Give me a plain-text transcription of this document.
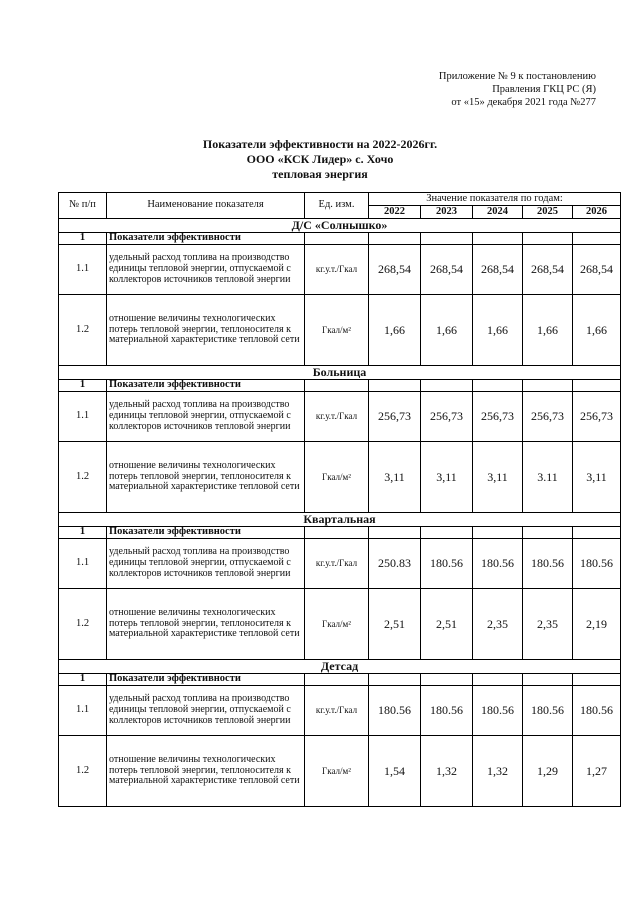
Приложение № 9 к постановлению
Правления ГКЦ РС (Я)
от «15» декабря 2021 года №277
Показатели эффективности на 2022-2026гг.
ООО «КСК Лидер» с. Хочо
тепловая энергия
№ п/п	Наименование показателя	Ед. изм.	Значение показателя по годам:				
			2022	2023	2024	2025	2026
Д/С «Солнышко»							
1	Показатели эффективности						
1.1	удельный расход топлива на производство единицы тепловой энергии, отпускаемой с коллекторов источников тепловой энергии	кг.у.т./Гкал	268,54	268,54	268,54	268,54	268,54
1.2	отношение величины технологических потерь тепловой энергии, теплоносителя к материальной характеристике тепловой сети	Гкал/м²	1,66	1,66	1,66	1,66	1,66
Больница							
1	Показатели эффективности						
1.1	удельный расход топлива на производство единицы тепловой энергии, отпускаемой с коллекторов источников тепловой энергии	кг.у.т./Гкал	256,73	256,73	256,73	256,73	256,73
1.2	отношение величины технологических потерь тепловой энергии, теплоносителя к материальной характеристике тепловой сети	Гкал/м²	3,11	3,11	3,11	3.11	3,11
Квартальная							
1	Показатели эффективности						
1.1	удельный расход топлива на производство единицы тепловой энергии, отпускаемой с коллекторов источников тепловой энергии	кг.у.т./Гкал	250.83	180.56	180.56	180.56	180.56
1.2	отношение величины технологических потерь тепловой энергии, теплоносителя к материальной характеристике тепловой сети	Гкал/м²	2,51	2,51	2,35	2,35	2,19
Детсад							
1	Показатели эффективности						
1.1	удельный расход топлива на производство единицы тепловой энергии, отпускаемой с коллекторов источников тепловой энергии	кг.у.т./Гкал	180.56	180.56	180.56	180.56	180.56
1.2	отношение величины технологических потерь тепловой энергии, теплоносителя к материальной характеристике тепловой сети	Гкал/м²	1,54	1,32	1,32	1,29	1,27
